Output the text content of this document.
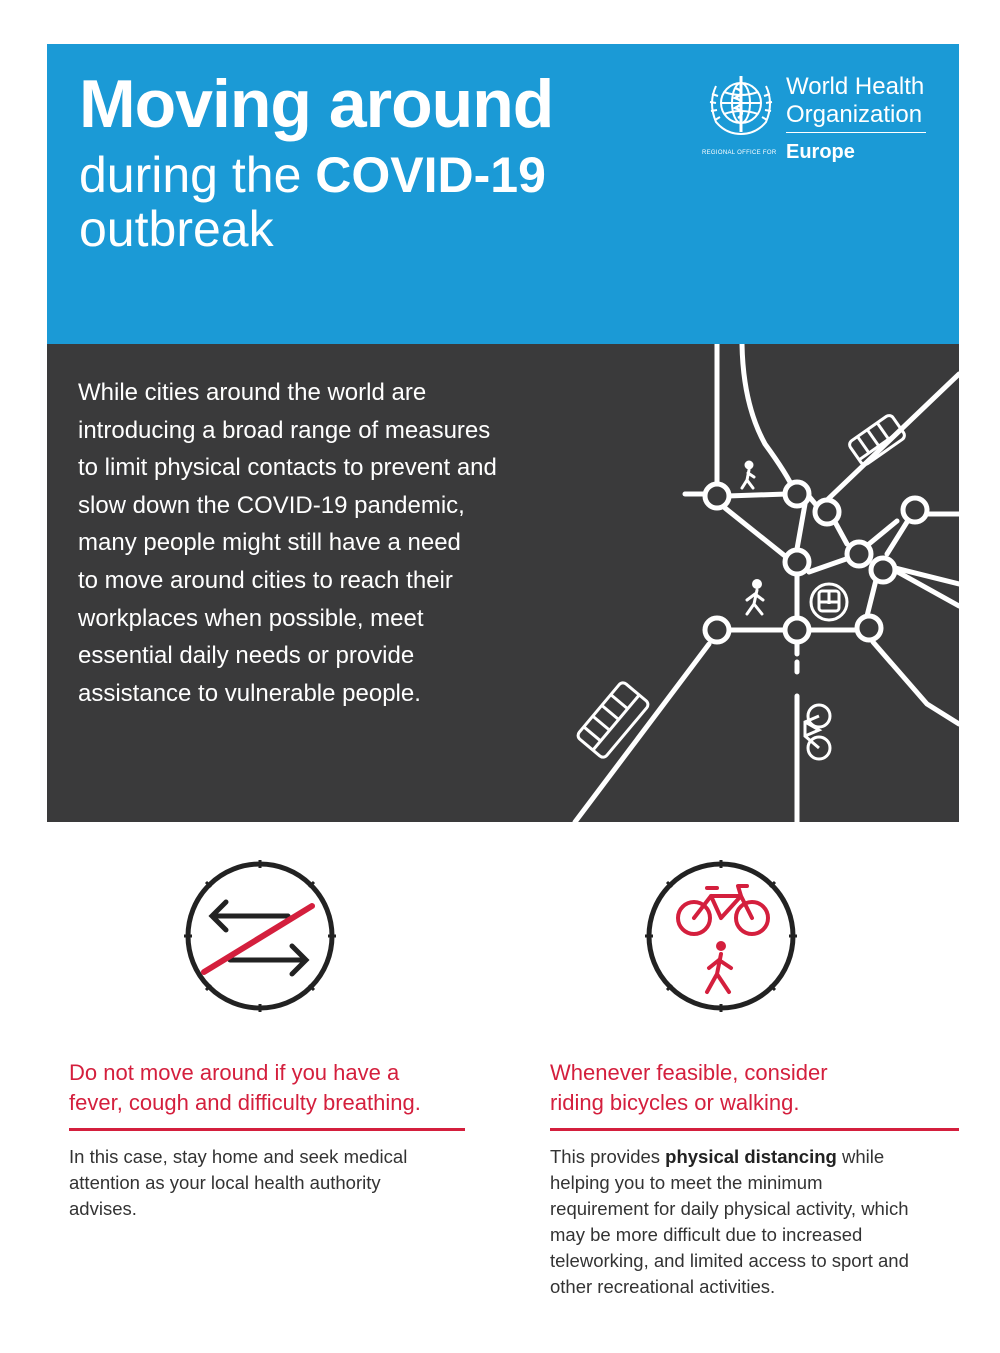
Moving around
during the COVID-19
outbreak
World Health
Organization
REGIONAL OFFICE FOR Europe

While cities around the world are
introducing a broad range of measures
to limit physical contacts to prevent and
slow down the COVID-19 pandemic,
many people might still have a need
to move around cities to reach their
workplaces when possible, meet
essential daily needs or provide
assistance to vulnerable people.

Do not move around if you have a
fever, cough and difficulty breathing.

In this case, stay home and seek medical
attention as your local health authority
advises.

Whenever feasible, consider
riding bicycles or walking.

This provides physical distancing while
helping you to meet the minimum
requirement for daily physical activity, which
may be more difficult due to increased
teleworking, and limited access to sport and
other recreational activities.
